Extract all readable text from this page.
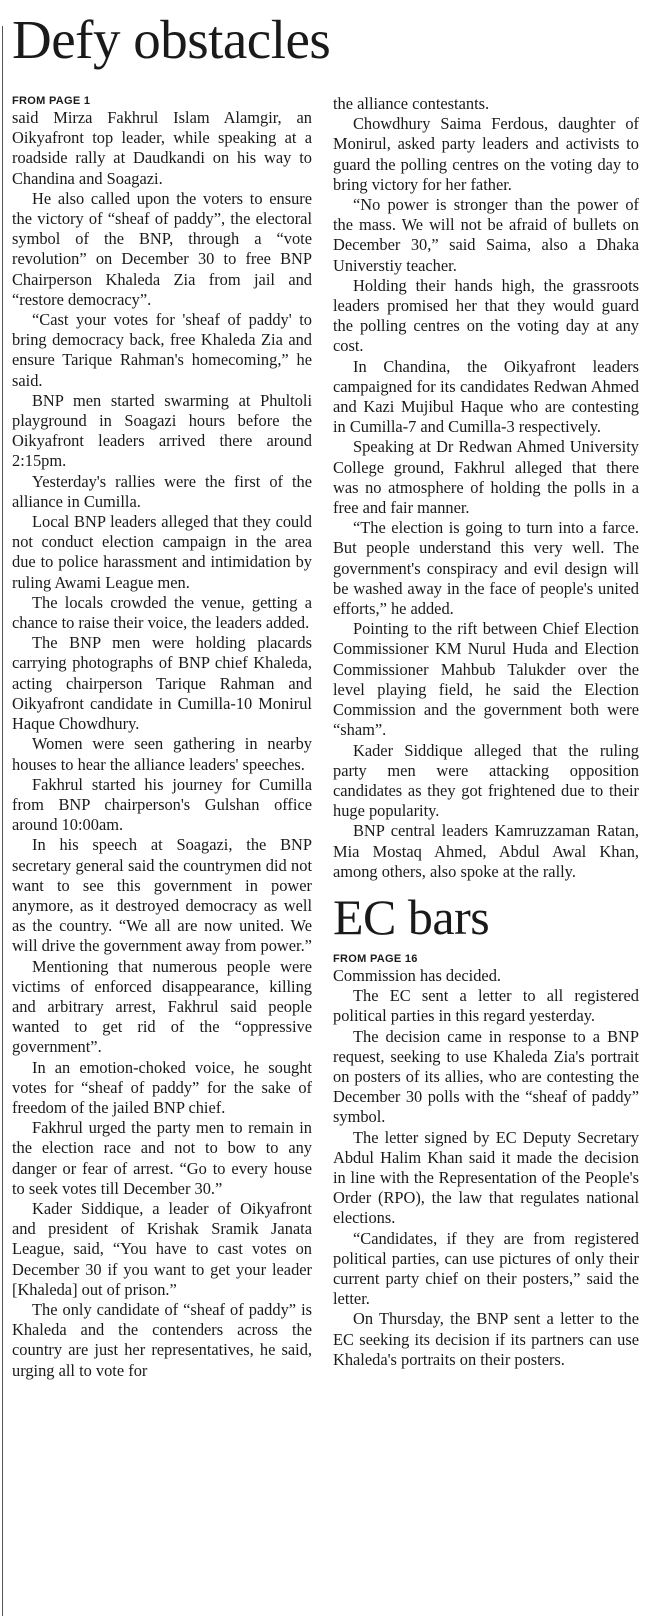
Defy obstacles
FROM PAGE 1

said Mirza Fakhrul Islam Alamgir, an Oikyafront top leader, while speaking at a roadside rally at Daudkandi on his way to Chandina and Soagazi.

He also called upon the voters to ensure the victory of “sheaf of paddy”, the electoral symbol of the BNP, through a “vote revolution” on December 30 to free BNP Chairperson Khaleda Zia from jail and “restore democracy”.

“Cast your votes for 'sheaf of paddy' to bring democracy back, free Khaleda Zia and ensure Tarique Rahman's homecoming,” he said.

BNP men started swarming at Phultoli playground in Soagazi hours before the Oikyafront leaders arrived there around 2:15pm.

Yesterday's rallies were the first of the alliance in Cumilla.

Local BNP leaders alleged that they could not conduct election campaign in the area due to police harassment and intimidation by ruling Awami League men.

The locals crowded the venue, getting a chance to raise their voice, the leaders added.

The BNP men were holding placards carrying photographs of BNP chief Khaleda, acting chairperson Tarique Rahman and Oikyafront candidate in Cumilla-10 Monirul Haque Chowdhury.

Women were seen gathering in nearby houses to hear the alliance leaders' speeches.

Fakhrul started his journey for Cumilla from BNP chairperson's Gulshan office around 10:00am.

In his speech at Soagazi, the BNP secretary general said the countrymen did not want to see this government in power anymore, as it destroyed democracy as well as the country. “We all are now united. We will drive the government away from power.”

Mentioning that numerous people were victims of enforced disappearance, killing and arbitrary arrest, Fakhrul said people wanted to get rid of the “oppressive government”.

In an emotion-choked voice, he sought votes for “sheaf of paddy” for the sake of freedom of the jailed BNP chief.

Fakhrul urged the party men to remain in the election race and not to bow to any danger or fear of arrest. “Go to every house to seek votes till December 30.”

Kader Siddique, a leader of Oikyafront and president of Krishak Sramik Janata League, said, “You have to cast votes on December 30 if you want to get your leader [Khaleda] out of prison.”

The only candidate of “sheaf of paddy” is Khaleda and the contenders across the country are just her representatives, he said, urging all to vote for

the alliance contestants.

Chowdhury Saima Ferdous, daughter of Monirul, asked party leaders and activists to guard the polling centres on the voting day to bring victory for her father.

“No power is stronger than the power of the mass. We will not be afraid of bullets on December 30,” said Saima, also a Dhaka Universtiy teacher.

Holding their hands high, the grassroots leaders promised her that they would guard the polling centres on the voting day at any cost.

In Chandina, the Oikyafront leaders campaigned for its candidates Redwan Ahmed and Kazi Mujibul Haque who are contesting in Cumilla-7 and Cumilla-3 respectively.

Speaking at Dr Redwan Ahmed University College ground, Fakhrul alleged that there was no atmosphere of holding the polls in a free and fair manner.

“The election is going to turn into a farce. But people understand this very well. The government's conspiracy and evil design will be washed away in the face of people's united efforts,” he added.

Pointing to the rift between Chief Election Commissioner KM Nurul Huda and Election Commissioner Mahbub Talukder over the level playing field, he said the Election Commission and the government both were “sham”.

Kader Siddique alleged that the ruling party men were attacking opposition candidates as they got frightened due to their huge popularity.

BNP central leaders Kamruzzaman Ratan, Mia Mostaq Ahmed, Abdul Awal Khan, among others, also spoke at the rally.

EC bars
FROM PAGE 16

Commission has decided.

The EC sent a letter to all registered political parties in this regard yesterday.

The decision came in response to a BNP request, seeking to use Khaleda Zia's portrait on posters of its allies, who are contesting the December 30 polls with the “sheaf of paddy” symbol.

The letter signed by EC Deputy Secretary Abdul Halim Khan said it made the decision in line with the Representation of the People's Order (RPO), the law that regulates national elections.

“Candidates, if they are from registered political parties, can use pictures of only their current party chief on their posters,” said the letter.

On Thursday, the BNP sent a letter to the EC seeking its decision if its partners can use Khaleda's portraits on their posters.
